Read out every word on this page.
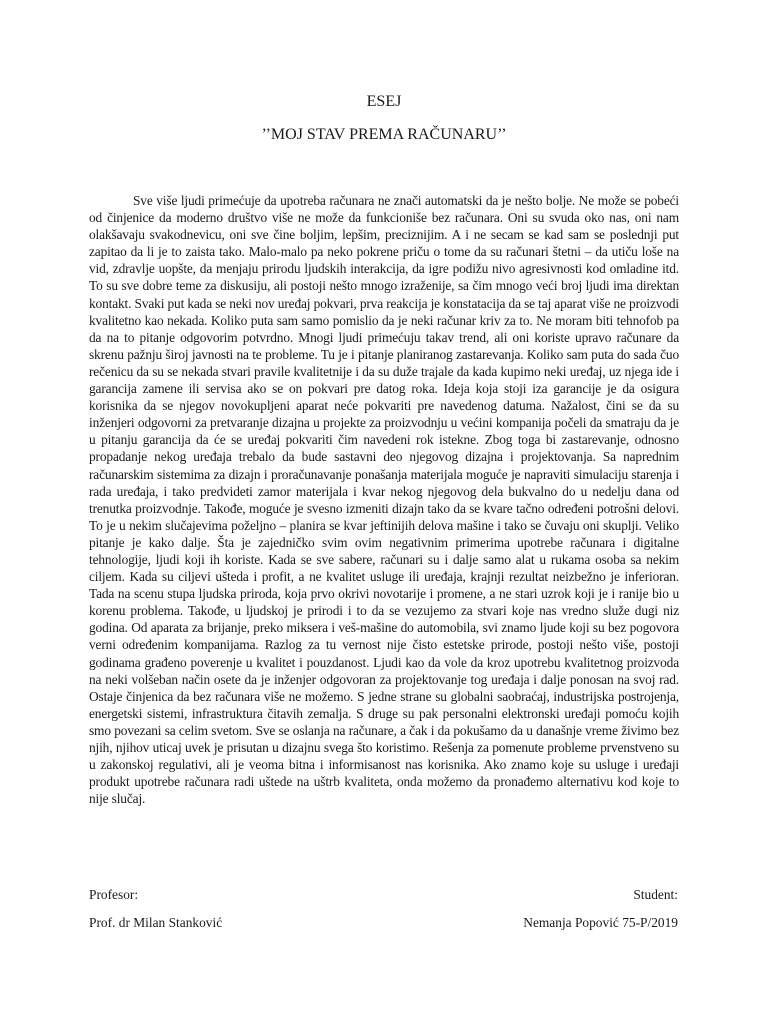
ESEJ
’’MOJ STAV PREMA RAČUNARU’’

Sve više ljudi primećuje da upotreba računara ne znači automatski da je nešto bolje. Ne može se pobeći od činjenice da moderno društvo više ne može da funkcioniše bez računara. Oni su svuda oko nas, oni nam olakšavaju svakodnevicu, oni sve čine boljim, lepšim, preciznijim. A i ne secam se kad sam se poslednji put zapitao da li je to zaista tako. Malo-malo pa neko pokrene priču o tome da su računari štetni – da utiču loše na vid, zdravlje uopšte, da menjaju prirodu ljudskih interakcija, da igre podižu nivo agresivnosti kod omladine itd. To su sve dobre teme za diskusiju, ali postoji nešto mnogo izraženije, sa čim mnogo veći broj ljudi ima direktan kontakt. Svaki put kada se neki nov uređaj pokvari, prva reakcija je konstatacija da se taj aparat više ne proizvodi kvalitetno kao nekada. Koliko puta sam samo pomislio da je neki računar kriv za to. Ne moram biti tehnofob pa da na to pitanje odgovorim potvrdno. Mnogi ljudi primećuju takav trend, ali oni koriste upravo računare da skrenu pažnju široj javnosti na te probleme. Tu je i pitanje planiranog zastarevanja. Koliko sam puta do sada čuo rečenicu da su se nekada stvari pravile kvalitetnije i da su duže trajale da kada kupimo neki uređaj, uz njega ide i garancija zamene ili servisa ako se on pokvari pre datog roka. Ideja koja stoji iza garancije je da osigura korisnika da se njegov novokupljeni aparat neće pokvariti pre navedenog datuma. Nažalost, čini se da su inženjeri odgovorni za pretvaranje dizajna u projekte za proizvodnju u većini kompanija počeli da smatraju da je u pitanju garancija da će se uređaj pokvariti čim navedeni rok istekne. Zbog toga bi zastarevanje, odnosno propadanje nekog uređaja trebalo da bude sastavni deo njegovog dizajna i projektovanja. Sa naprednim računarskim sistemima za dizajn i proračunavanje ponašanja materijala moguće je napraviti simulaciju starenja i rada uređaja, i tako predvideti zamor materijala i kvar nekog njegovog dela bukvalno do u nedelju dana od trenutka proizvodnje. Takođe, moguće je svesno izmeniti dizajn tako da se kvare tačno određeni potrošni delovi. To je u nekim slučajevima poželjno – planira se kvar jeftinijih delova mašine i tako se čuvaju oni skuplji. Veliko pitanje je kako dalje. Šta je zajedničko svim ovim negativnim primerima upotrebe računara i digitalne tehnologije, ljudi koji ih koriste. Kada se sve sabere, računari su i dalje samo alat u rukama osoba sa nekim ciljem. Kada su ciljevi ušteda i profit, a ne kvalitet usluge ili uređaja, krajnji rezultat neizbežno je inferioran. Tada na scenu stupa ljudska priroda, koja prvo okrivi novotarije i promene, a ne stari uzrok koji je i ranije bio u korenu problema. Takođe, u ljudskoj je prirodi i to da se vezujemo za stvari koje nas vredno služe dugi niz godina. Od aparata za brijanje, preko miksera i veš-mašine do automobila, svi znamo ljude koji su bez pogovora verni određenim kompanijama. Razlog za tu vernost nije čisto estetske prirode, postoji nešto više, postoji godinama građeno poverenje u kvalitet i pouzdanost. Ljudi kao da vole da kroz upotrebu kvalitetnog proizvoda na neki volšeban način osete da je inženjer odgovoran za projektovanje tog uređaja i dalje ponosan na svoj rad. Ostaje činjenica da bez računara više ne možemo. S jedne strane su globalni saobraćaj, industrijska postrojenja, energetski sistemi, infrastruktura čitavih zemalja. S druge su pak personalni elektronski uređaji pomoću kojih smo povezani sa celim svetom. Sve se oslanja na računare, a čak i da pokušamo da u današnje vreme živimo bez njih, njihov uticaj uvek je prisutan u dizajnu svega što koristimo. Rešenja za pomenute probleme prvenstveno su u zakonskoj regulativi, ali je veoma bitna i informisanost nas korisnika. Ako znamo koje su usluge i uređaji produkt upotrebe računara radi uštede na uštrb kvaliteta, onda možemo da pronađemo alternativu kod koje to nije slučaj.

Profesor:	Student:

Prof. dr Milan Stanković	Nemanja Popović 75-P/2019
